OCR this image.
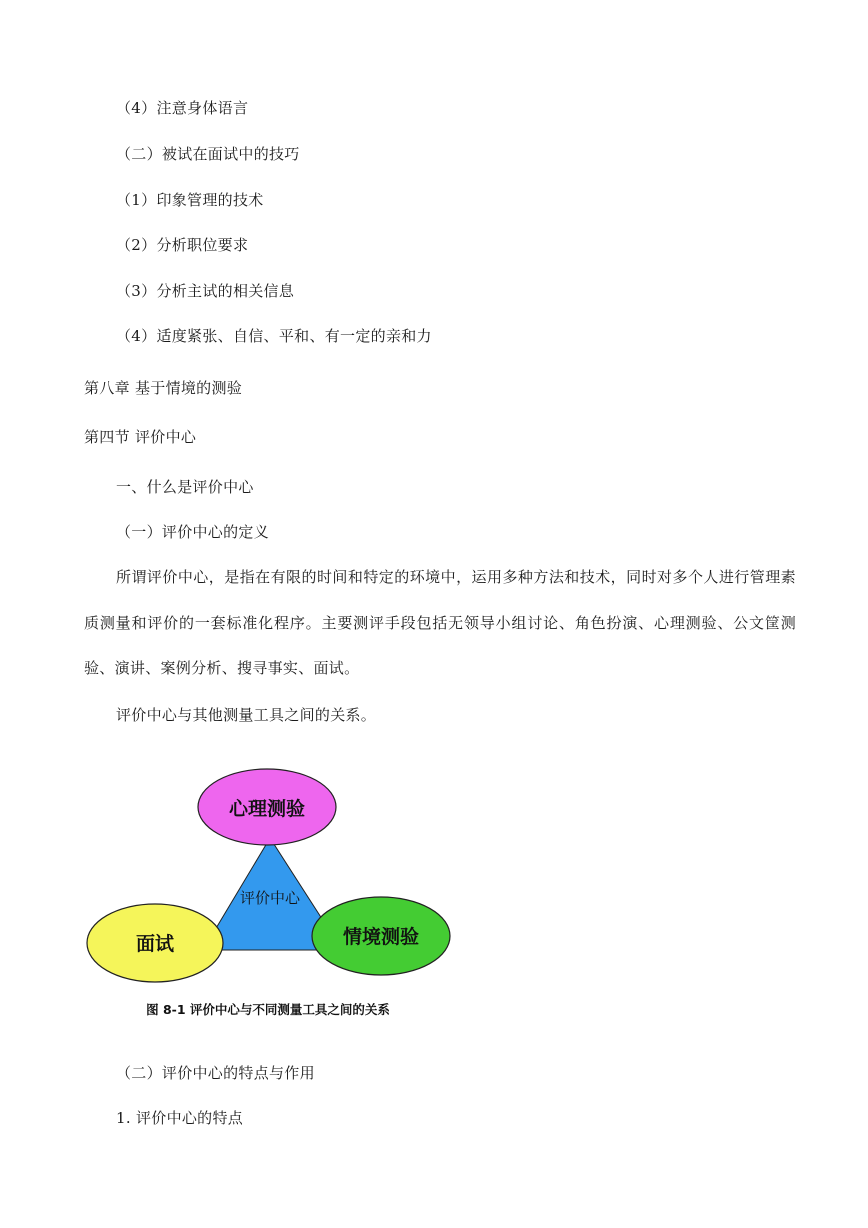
（4）注意身体语言
（二）被试在面试中的技巧
（1）印象管理的技术
（2）分析职位要求
（3）分析主试的相关信息
（4）适度紧张、自信、平和、有一定的亲和力
第八章 基于情境的测验
第四节 评价中心
一、什么是评价中心
（一）评价中心的定义
所谓评价中心，是指在有限的时间和特定的环境中，运用多种方法和技术，同时对多个人进行管理素质测量和评价的一套标准化程序。主要测评手段包括无领导小组讨论、角色扮演、心理测验、公文筐测验、演讲、案例分析、搜寻事实、面试。
评价中心与其他测量工具之间的关系。
评价中心
心理测验
面试	情境测验
图 8-1 评价中心与不同测量工具之间的关系
（二）评价中心的特点与作用
1. 评价中心的特点
